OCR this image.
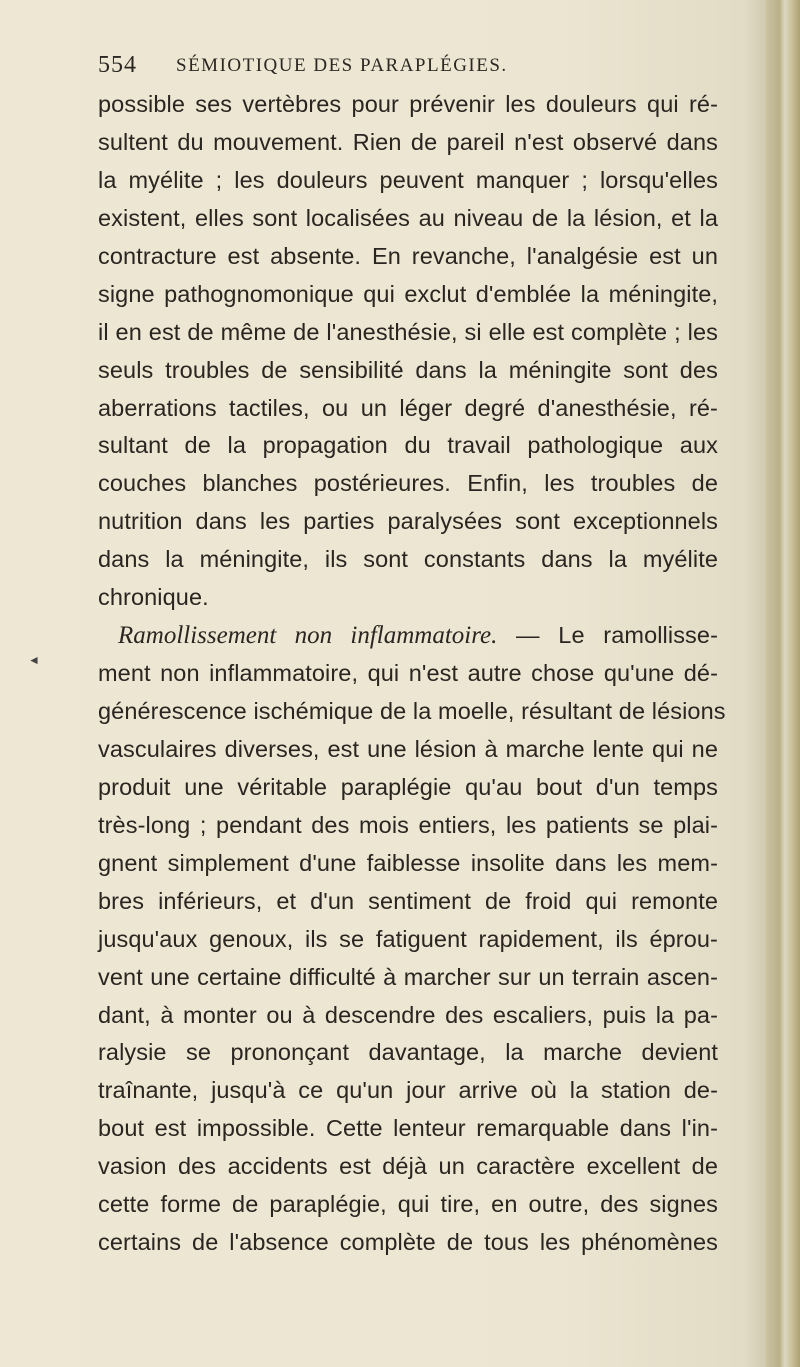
◄
554 SÉMIOTIQUE DES PARAPLÉGIES.
possible ses vertèbres pour prévenir les douleurs qui ré-
sultent du mouvement. Rien de pareil n'est observé dans
la myélite ; les douleurs peuvent manquer ; lorsqu'elles
existent, elles sont localisées au niveau de la lésion, et la
contracture est absente. En revanche, l'analgésie est un
signe pathognomonique qui exclut d'emblée la méningite,
il en est de même de l'anesthésie, si elle est complète ; les
seuls troubles de sensibilité dans la méningite sont des
aberrations tactiles, ou un léger degré d'anesthésie, ré-
sultant de la propagation du travail pathologique aux
couches blanches postérieures. Enfin, les troubles de
nutrition dans les parties paralysées sont exceptionnels
dans la méningite, ils sont constants dans la myélite
chronique.
Ramollissement non inflammatoire. — Le ramollisse-
ment non inflammatoire, qui n'est autre chose qu'une dé-
générescence ischémique de la moelle, résultant de lésions
vasculaires diverses, est une lésion à marche lente qui ne
produit une véritable paraplégie qu'au bout d'un temps
très-long ; pendant des mois entiers, les patients se plai-
gnent simplement d'une faiblesse insolite dans les mem-
bres inférieurs, et d'un sentiment de froid qui remonte
jusqu'aux genoux, ils se fatiguent rapidement, ils éprou-
vent une certaine difficulté à marcher sur un terrain ascen-
dant, à monter ou à descendre des escaliers, puis la pa-
ralysie se prononçant davantage, la marche devient
traînante, jusqu'à ce qu'un jour arrive où la station de-
bout est impossible. Cette lenteur remarquable dans l'in-
vasion des accidents est déjà un caractère excellent de
cette forme de paraplégie, qui tire, en outre, des signes
certains de l'absence complète de tous les phénomènes
